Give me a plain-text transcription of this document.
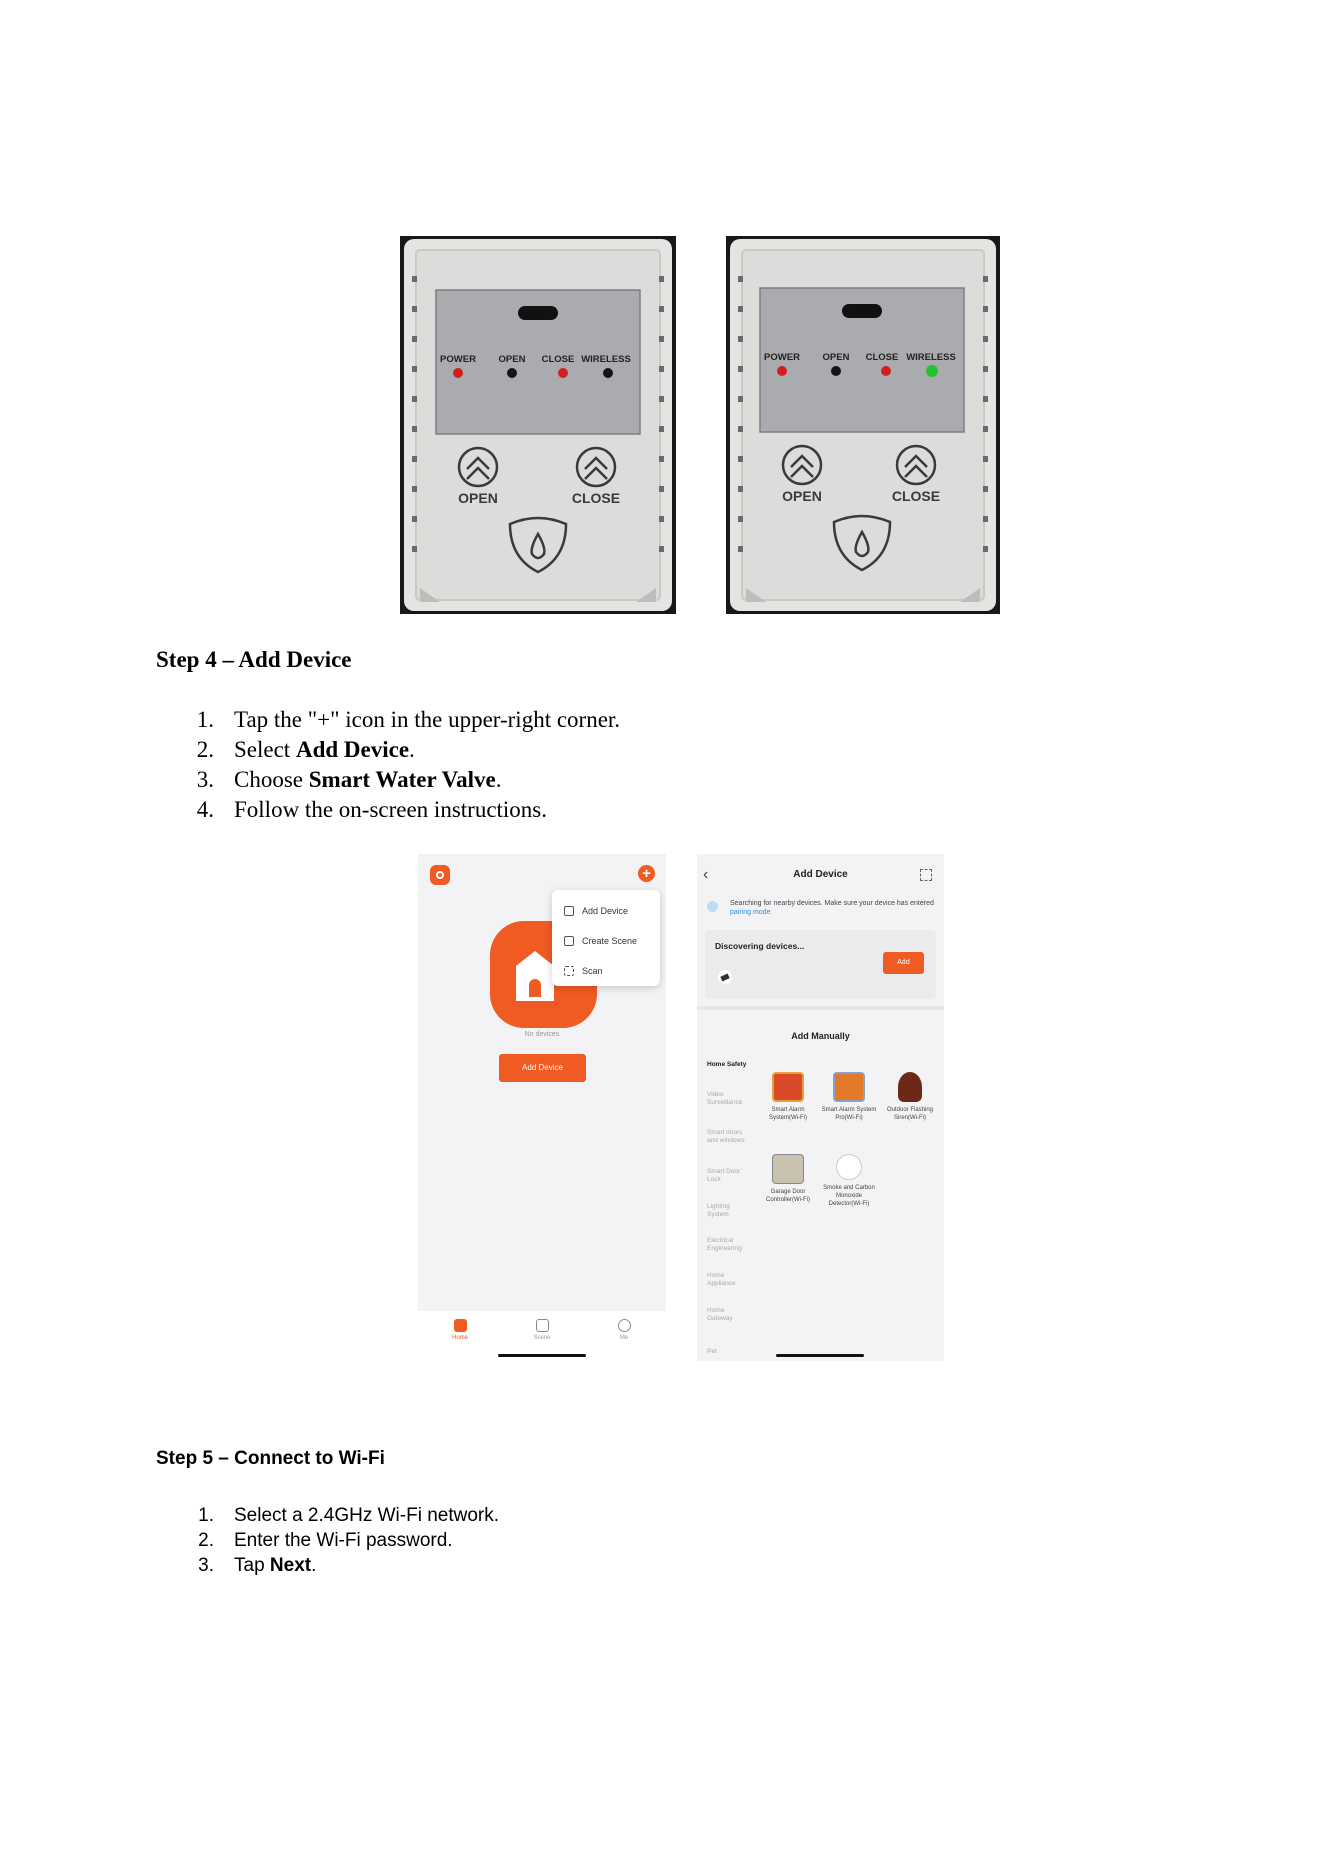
POWER OPEN CLOSE WIRELESS
OPEN	CLOSE
POWER OPEN CLOSE WIRELESS
OPEN	CLOSE
Step 4 – Add Device
1. Tap the "+" icon in the upper-right corner.
2. Select Add Device.
3. Choose Smart Water Valve.
4. Follow the on-screen instructions.
+
Add Device
Create Scene
Scan
No devices
Add Device
Home	Scene	Me
‹	Add Device
Searching for nearby devices. Make sure your device has entered pairing mode
Discovering devices...
Add
Add Manually
Home Safety
Video Surveillance
Smart doors and windows
Smart Door Lock
Lighting System
Electrical Engineering
Home Appliance
Home Gateway
Pet
Smart Alarm System(Wi-Fi)
Smart Alarm System Pro(Wi-Fi)
Outdoor Flashing Siren(Wi-Fi)
Garage Door Controller(Wi-Fi)
Smoke and Carbon Monoxide Detector(Wi-Fi)
Step 5 – Connect to Wi-Fi
1.	Select a 2.4GHz Wi-Fi network.
2.	Enter the Wi-Fi password.
3.	Tap Next.
